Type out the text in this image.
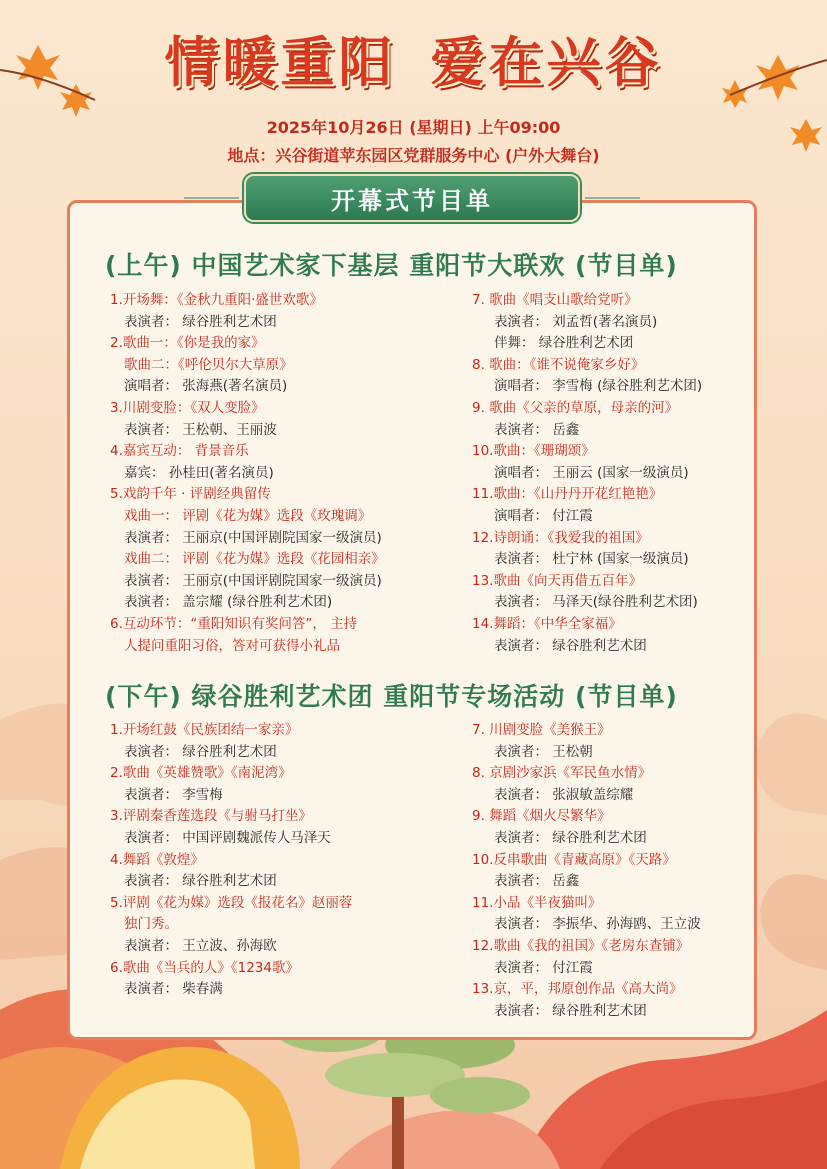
情暖重阳 爱在兴谷
2025年10月26日 (星期日) 上午09:00
地点：兴谷街道苹东园区党群服务中心 (户外大舞台)
开幕式节目单
(上午) 中国艺术家下基层 重阳节大联欢 (节目单)
1.开场舞：《金秋九重阳·盛世欢歌》
表演者： 绿谷胜利艺术团
2.歌曲一：《你是我的家》
歌曲二：《呼伦贝尔大草原》
演唱者： 张海燕(著名演员)
3.川剧变脸：《双人变脸》
表演者： 王松朝、王丽波
4.嘉宾互动： 背景音乐
嘉宾： 孙桂田(著名演员)
5.戏韵千年 · 评剧经典留传
戏曲一： 评剧《花为媒》选段《玫瑰调》
表演者： 王丽京(中国评剧院国家一级演员)
戏曲二： 评剧《花为媒》选段《花园相亲》
表演者： 王丽京(中国评剧院国家一级演员)
表演者： 盖宗耀 (绿谷胜利艺术团)
6.互动环节：“重阳知识有奖问答”， 主持
人提问重阳习俗，答对可获得小礼品
7. 歌曲《唱支山歌给党听》
表演者： 刘孟哲(著名演员)
伴舞： 绿谷胜利艺术团
8. 歌曲：《谁不说俺家乡好》
演唱者： 李雪梅 (绿谷胜利艺术团)
9. 歌曲《父亲的草原，母亲的河》
表演者： 岳鑫
10.歌曲：《珊瑚颂》
演唱者： 王丽云 (国家一级演员)
11.歌曲：《山丹丹开花红艳艳》
演唱者： 付江霞
12.诗朗诵：《我爱我的祖国》
表演者： 杜宁林 (国家一级演员)
13.歌曲《向天再借五百年》
表演者： 马泽天(绿谷胜利艺术团)
14.舞蹈：《中华全家福》
表演者： 绿谷胜利艺术团
(下午) 绿谷胜利艺术团 重阳节专场活动 (节目单)
1.开场红鼓《民族团结一家亲》
表演者： 绿谷胜利艺术团
2.歌曲《英雄赞歌》《南泥湾》
表演者： 李雪梅
3.评剧秦香莲选段《与驸马打坐》
表演者： 中国评剧魏派传人马泽天
4.舞蹈《敦煌》
表演者： 绿谷胜利艺术团
5.评剧《花为媒》选段《报花名》赵丽蓉
独门秀。
表演者： 王立波、孙海欧
6.歌曲《当兵的人》《1234歌》
表演者： 柴春满
7. 川剧变脸《美猴王》
表演者： 王松朝
8. 京剧沙家浜《军民鱼水情》
表演者： 张淑敏盖综耀
9. 舞蹈《烟火尽繁华》
表演者： 绿谷胜利艺术团
10.反串歌曲《青藏高原》《天路》
表演者： 岳鑫
11.小品《半夜猫叫》
表演者： 李振华、孙海鸥、王立波
12.歌曲《我的祖国》《老房东查铺》
表演者： 付江霞
13.京，平，邦原创作品《高大尚》
表演者： 绿谷胜利艺术团
